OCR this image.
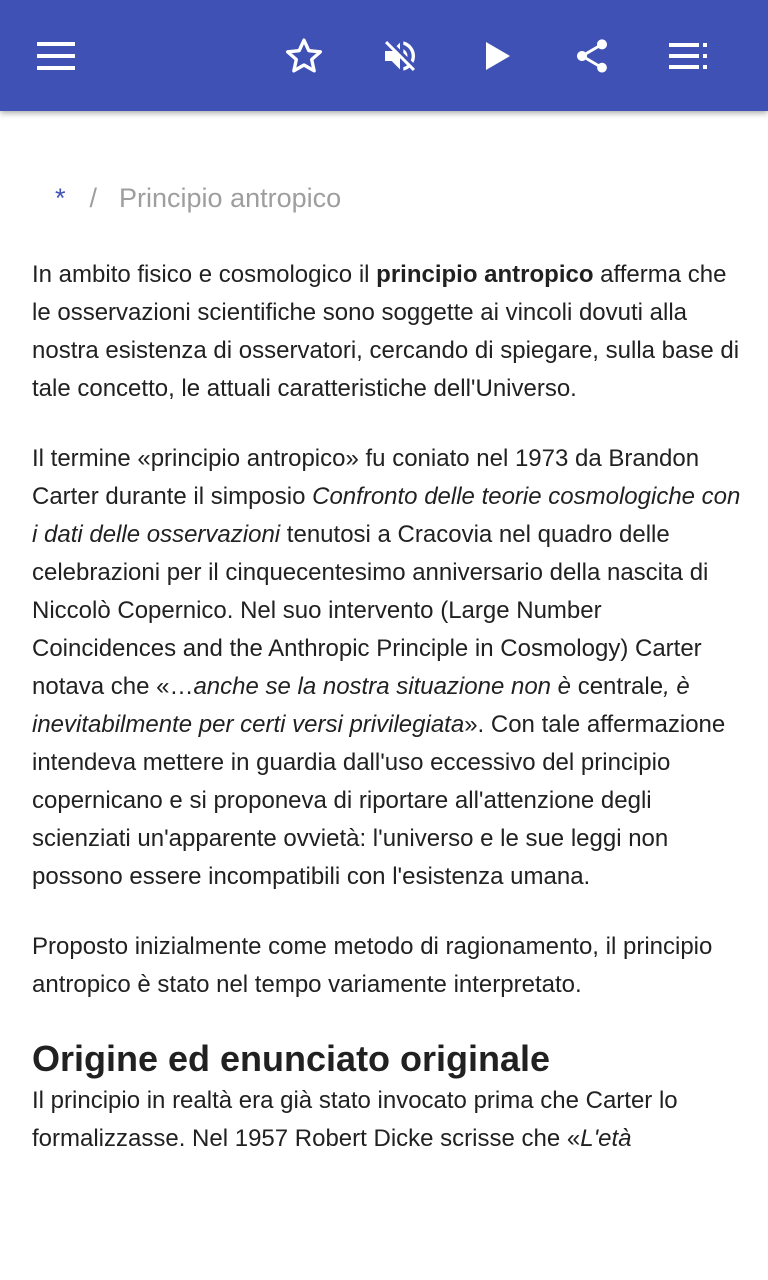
* / Principio antropico

In ambito fisico e cosmologico il principio antropico afferma che le osservazioni scientifiche sono soggette ai vincoli dovuti alla nostra esistenza di osservatori, cercando di spiegare, sulla base di tale concetto, le attuali caratteristiche dell'Universo.

Il termine «principio antropico» fu coniato nel 1973 da Brandon Carter durante il simposio Confronto delle teorie cosmologiche con i dati delle osservazioni tenutosi a Cracovia nel quadro delle celebrazioni per il cinquecentesimo anniversario della nascita di Niccolò Copernico. Nel suo intervento (Large Number Coincidences and the Anthropic Principle in Cosmology) Carter notava che «…anche se la nostra situazione non è centrale, è inevitabilmente per certi versi privilegiata». Con tale affermazione intendeva mettere in guardia dall'uso eccessivo del principio copernicano e si proponeva di riportare all'attenzione degli scienziati un'apparente ovvietà: l'universo e le sue leggi non possono essere incompatibili con l'esistenza umana.

Proposto inizialmente come metodo di ragionamento, il principio antropico è stato nel tempo variamente interpretato.

Origine ed enunciato originale

Il principio in realtà era già stato invocato prima che Carter lo formalizzasse. Nel 1957 Robert Dicke scrisse che «L'età
